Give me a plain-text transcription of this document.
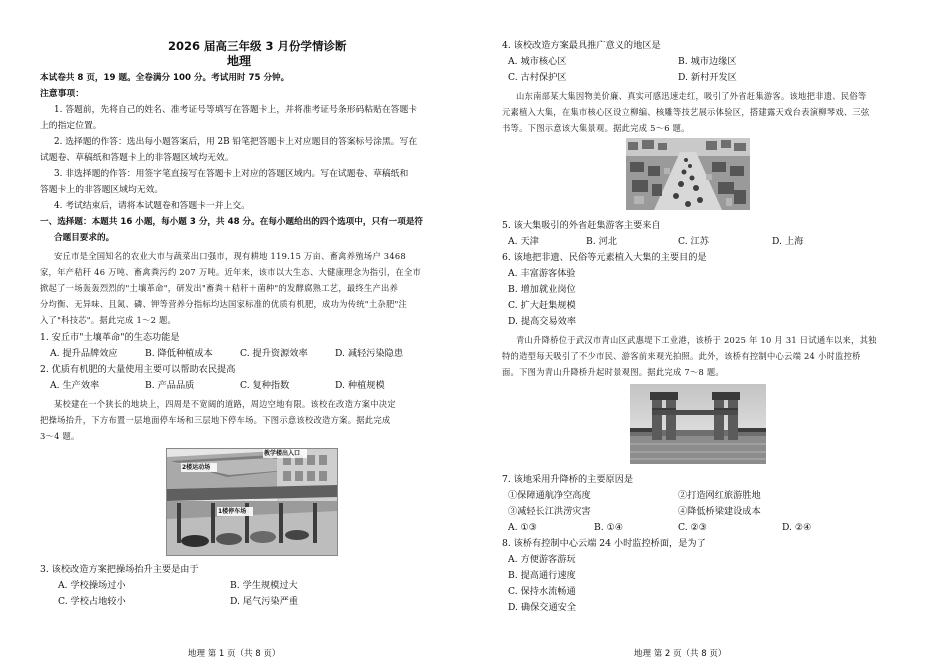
2026 届高三年级 3 月份学情诊断
地理
本试卷共 8 页，19 题。全卷满分 100 分。考试用时 75 分钟。
注意事项：
1. 答题前，先将自己的姓名、准考证号等填写在答题卡上，并将准考证号条形码粘贴在答题卡
上的指定位置。
2. 选择题的作答：选出每小题答案后，用 2B 铅笔把答题卡上对应题目的答案标号涂黑。写在
试题卷、草稿纸和答题卡上的非答题区域均无效。
3. 非选择题的作答：用签字笔直接写在答题卡上对应的答题区域内。写在试题卷、草稿纸和
答题卡上的非答题区域均无效。
4. 考试结束后，请将本试题卷和答题卡一并上交。
一、选择题：本题共 16 小题，每小题 3 分，共 48 分。在每小题给出的四个选项中，只有一项是符
合题目要求的。
安丘市是全国知名的农业大市与蔬菜出口强市，现有耕地 119.15 万亩、畜禽养殖场户 3468
家，年产秸秆 46 万吨、畜禽粪污约 207 万吨。近年来，该市以大生态、大健康理念为指引，在全市
掀起了一场轰轰烈烈的"土壤革命"，研发出"畜粪＋秸秆＋菌种"的发酵腐熟工艺，最终生产出养
分均衡、无异味、且氮、磷、钾等营养分指标均达国家标准的优质有机肥，成功为传统"土杂肥"注
入了"科技芯"。据此完成 1～2 题。
1. 安丘市"土壤革命"的生态功能是
A. 提升品牌效应	B. 降低种植成本	C. 提升资源效率	D. 减轻污染隐患
2. 优质有机肥的大量使用主要可以帮助农民提高
A. 生产效率	B. 产品品质	C. 复种指数	D. 种植规模
某校建在一个狭长的地块上，四周是不宽阔的道路，周边空地有限。该校在改造方案中决定
把操场抬升，下方布置一层地面停车场和三层地下停车场。下图示意该校改造方案。据此完成
3～4 题。
2楼运动场
教学楼出入口
1楼停车场
3. 该校改造方案把操场抬升主要是由于
A. 学校操场过小	B. 学生规模过大
C. 学校占地较小	D. 尾气污染严重
地理 第 1 页（共 8 页）
4. 该校改造方案最具推广意义的地区是
A. 城市核心区	B. 城市边缘区
C. 古村保护区	D. 新村开发区
山东南部某大集因物美价廉、真实可感迅速走红，吸引了外省赶集游客。该地把非遗、民俗等
元素植入大集，在集市核心区设立柳编、核雕等技艺展示体验区，搭建露天戏台表演柳琴戏、三弦
书等。下图示意该大集景观。据此完成 5～6 题。
5. 该大集吸引的外省赶集游客主要来自
A. 天津	B. 河北	C. 江苏	D. 上海
6. 该地把非遗、民俗等元素植入大集的主要目的是
A. 丰富游客体验
B. 增加就业岗位
C. 扩大赶集规模
D. 提高交易效率
青山升降桥位于武汉市青山区武惠堤下工业港，该桥于 2025 年 10 月 31 日试通车以来，其独
特的造型每天吸引了不少市民、游客前来观光拍照。此外，该桥有控制中心云端 24 小时监控桥
面。下图为青山升降桥升起时景观图。据此完成 7～8 题。
7. 该地采用升降桥的主要原因是
①保障通航净空高度	②打造网红旅游胜地
③减轻长江洪涝灾害	④降低桥梁建设成本
A. ①③	B. ①④	C. ②③	D. ②④
8. 该桥有控制中心云端 24 小时监控桥面，是为了
A. 方便游客游玩
B. 提高通行速度
C. 保持水流畅通
D. 确保交通安全
地理 第 2 页（共 8 页）
